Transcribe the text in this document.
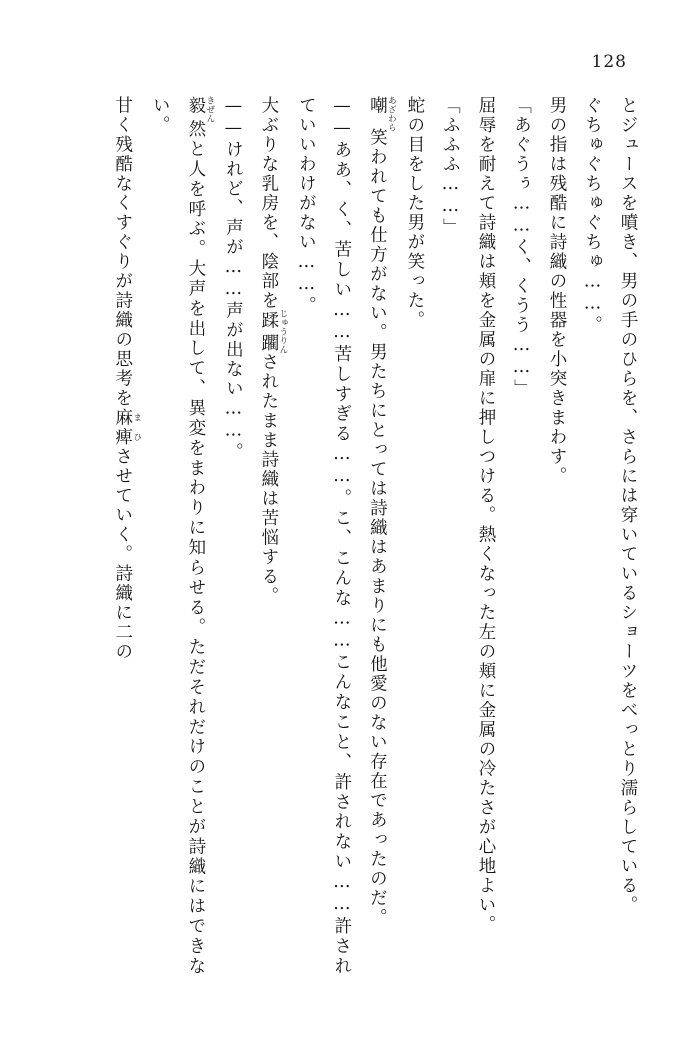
128

とジュースを噴き、男の手のひらを、さらには穿いているショーツをべっとり濡らしている。

ぐちゅぐちゅぐちゅ……。

男の指は残酷に詩織の性器を小突きまわす。

「あぐうぅ……く、くうう……」

屈辱を耐えて詩織は頬を金属の扉に押しつける。熱くなった左の頬に金属の冷たさが心地よい。

「ふふふ……」

蛇の目をした男が笑った。

嘲 あざわら笑われても仕方がない。男たちにとっては詩織はあまりにも他愛のない存在であったのだ。

——ああ、く、苦しい……苦しすぎる……。こ、こんな……こんなこと、許されない……許されていいわけがない……。

大ぶりな乳房を、陰部を蹂躙 じゅうりんされたまま詩織は苦悩する。

——けれど、声が……声が出ない……。

毅 きぜん然と人を呼ぶ。大声を出して、異変をまわりに知らせる。ただそれだけのことが詩織にはできない。

甘く残酷なくすぐりが詩織の思考を麻痺 まひさせていく。詩織に二の
